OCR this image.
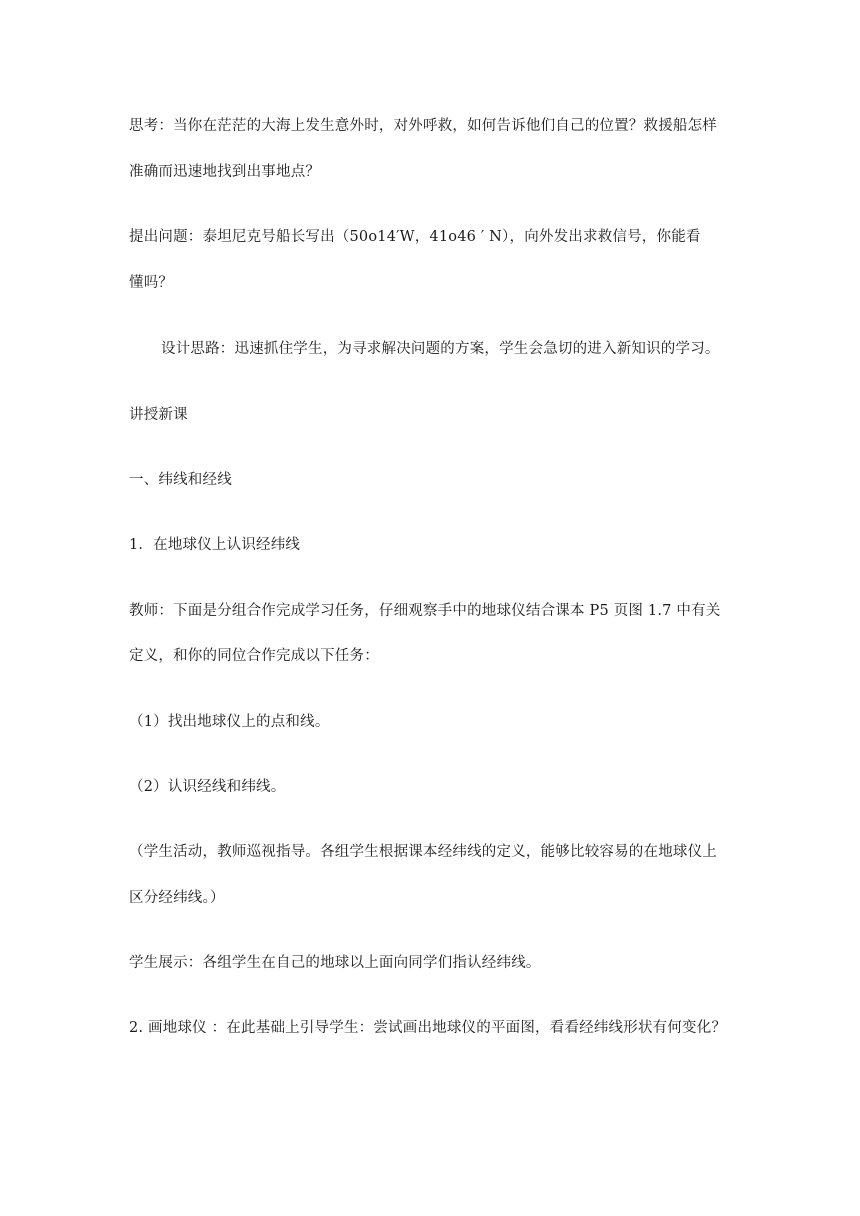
思考：当你在茫茫的大海上发生意外时，对外呼救，如何告诉他们自己的位置？救援船怎样
准确而迅速地找到出事地点？
提出问题：泰坦尼克号船长写出（50o14′W，41o46 ′ N），向外发出求救信号，你能看
懂吗？
设计思路：迅速抓住学生，为寻求解决问题的方案，学生会急切的进入新知识的学习。
讲授新课
一、纬线和经线
1．在地球仪上认识经纬线
教师：下面是分组合作完成学习任务，仔细观察手中的地球仪结合课本 P5 页图 1.7 中有关
定义，和你的同位合作完成以下任务：
（1）找出地球仪上的点和线。
（2）认识经线和纬线。
（学生活动，教师巡视指导。各组学生根据课本经纬线的定义，能够比较容易的在地球仪上
区分经纬线。）
学生展示：各组学生在自己的地球以上面向同学们指认经纬线。
2. 画地球仪 ：在此基础上引导学生：尝试画出地球仪的平面图，看看经纬线形状有何变化？
